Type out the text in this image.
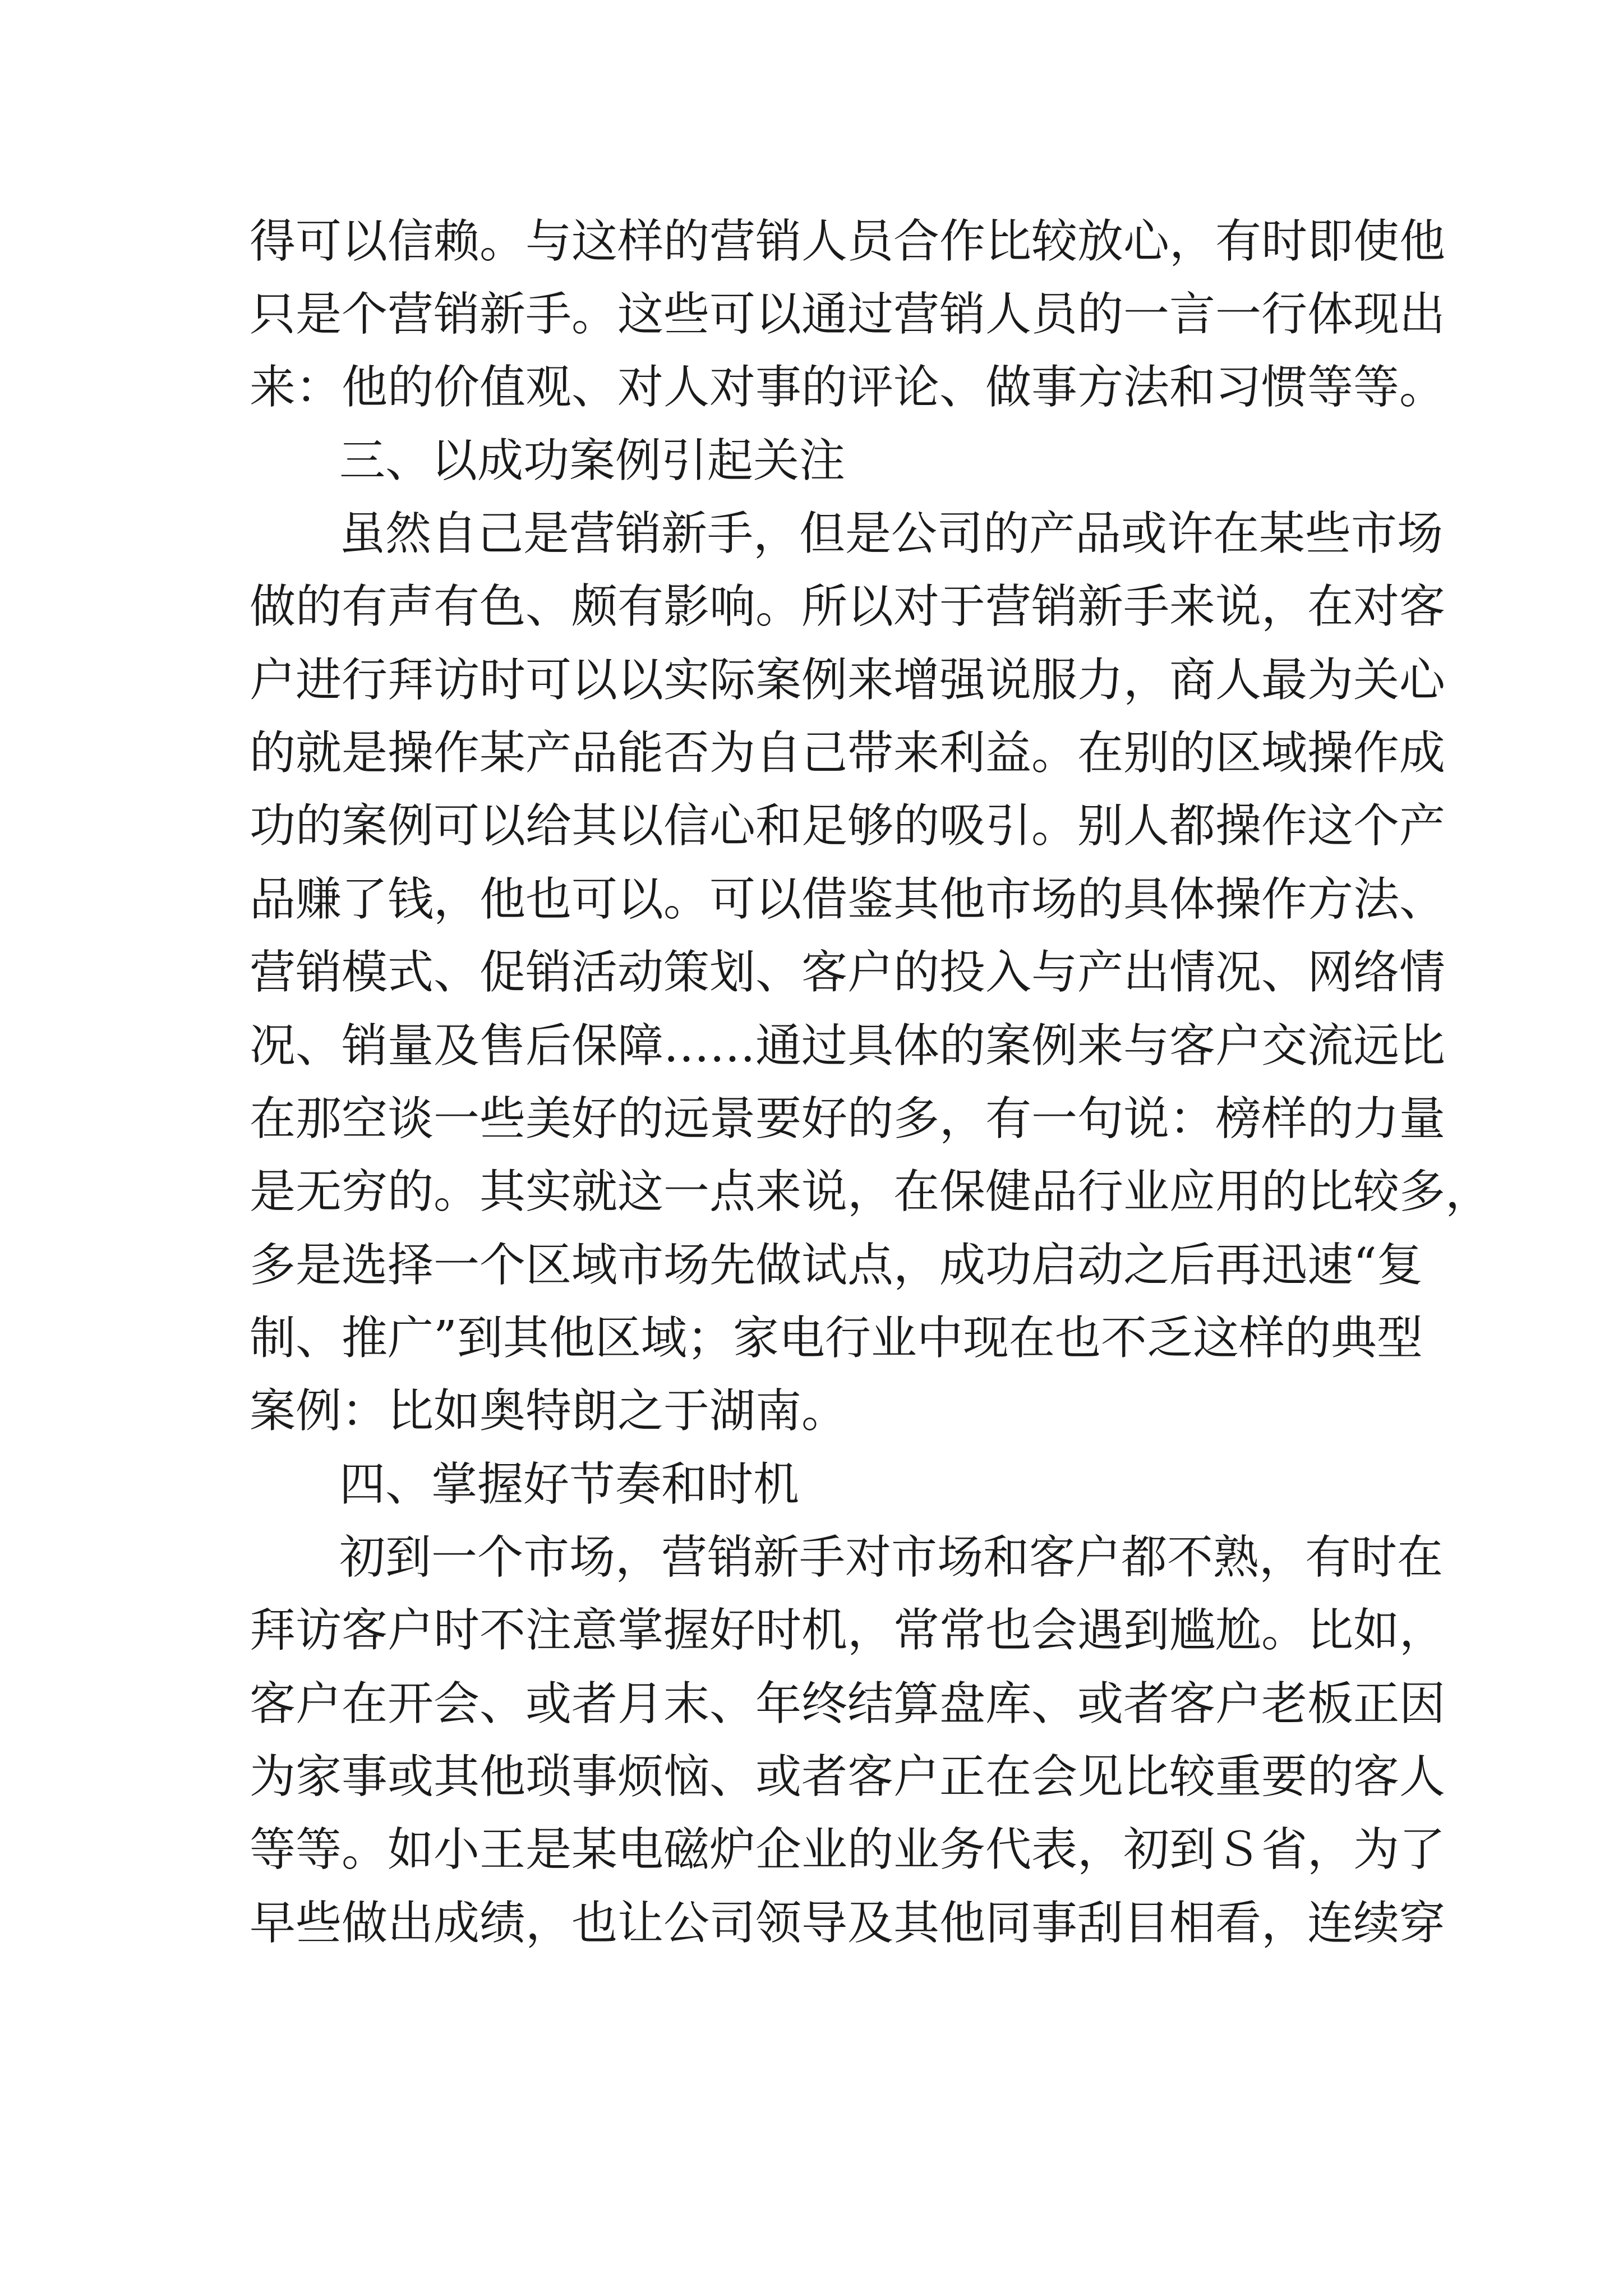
得可以信赖。与这样的营销人员合作比较放心，有时即使他
只是个营销新手。这些可以通过营销人员的一言一行体现出
来：他的价值观、对人对事的评论、做事方法和习惯等等。
三、以成功案例引起关注
虽然自己是营销新手，但是公司的产品或许在某些市场
做的有声有色、颇有影响。所以对于营销新手来说，在对客
户进行拜访时可以以实际案例来增强说服力，商人最为关心
的就是操作某产品能否为自己带来利益。在别的区域操作成
功的案例可以给其以信心和足够的吸引。别人都操作这个产
品赚了钱，他也可以。可以借鉴其他市场的具体操作方法、
营销模式、促销活动策划、客户的投入与产出情况、网络情
况、销量及售后保障……通过具体的案例来与客户交流远比
在那空谈一些美好的远景要好的多，有一句说：榜样的力量
是无穷的。其实就这一点来说，在保健品行业应用的比较多，
多是选择一个区域市场先做试点，成功启动之后再迅速“复
制、推广”到其他区域；家电行业中现在也不乏这样的典型
案例：比如奥特朗之于湖南。
四、掌握好节奏和时机
初到一个市场，营销新手对市场和客户都不熟，有时在
拜访客户时不注意掌握好时机，常常也会遇到尴尬。比如，
客户在开会、或者月末、年终结算盘库、或者客户老板正因
为家事或其他琐事烦恼、或者客户正在会见比较重要的客人
等等。如小王是某电磁炉企业的业务代表，初到Ｓ省，为了
早些做出成绩，也让公司领导及其他同事刮目相看，连续穿
